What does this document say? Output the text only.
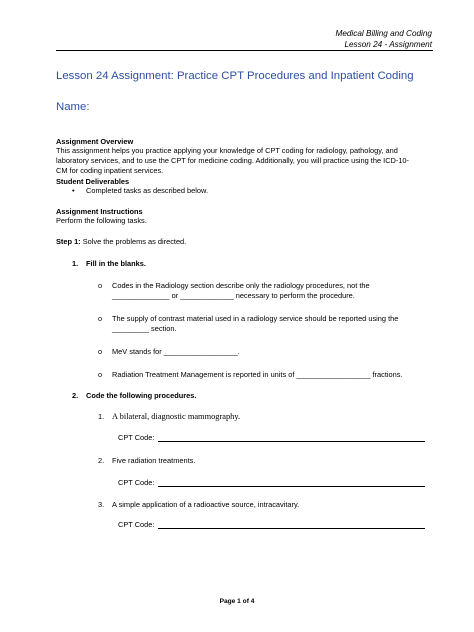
Medical Billing and Coding
Lesson 24 - Assignment
Lesson 24 Assignment: Practice CPT Procedures and Inpatient Coding
Name:
Assignment Overview
This assignment helps you practice applying your knowledge of CPT coding for radiology, pathology, and
laboratory services, and to use the CPT for medicine coding. Additionally, you will practice using the ICD-10-
CM for coding inpatient services.
Student Deliverables
• Completed tasks as described below.
Assignment Instructions
Perform the following tasks.
Step 1: Solve the problems as directed.
1. Fill in the blanks.
o Codes in the Radiology section describe only the radiology procedures, not the
______________ or _____________ necessary to perform the procedure.
o The supply of contrast material used in a radiology service should be reported using the
_________ section.
o MeV stands for __________________.
o Radiation Treatment Management is reported in units of __________________ fractions.
2. Code the following procedures.
1. A bilateral, diagnostic mammography.
CPT Code:
2. Five radiation treatments.
CPT Code:
3. A simple application of a radioactive source, intracavitary.
CPT Code:
Page 1 of 4
